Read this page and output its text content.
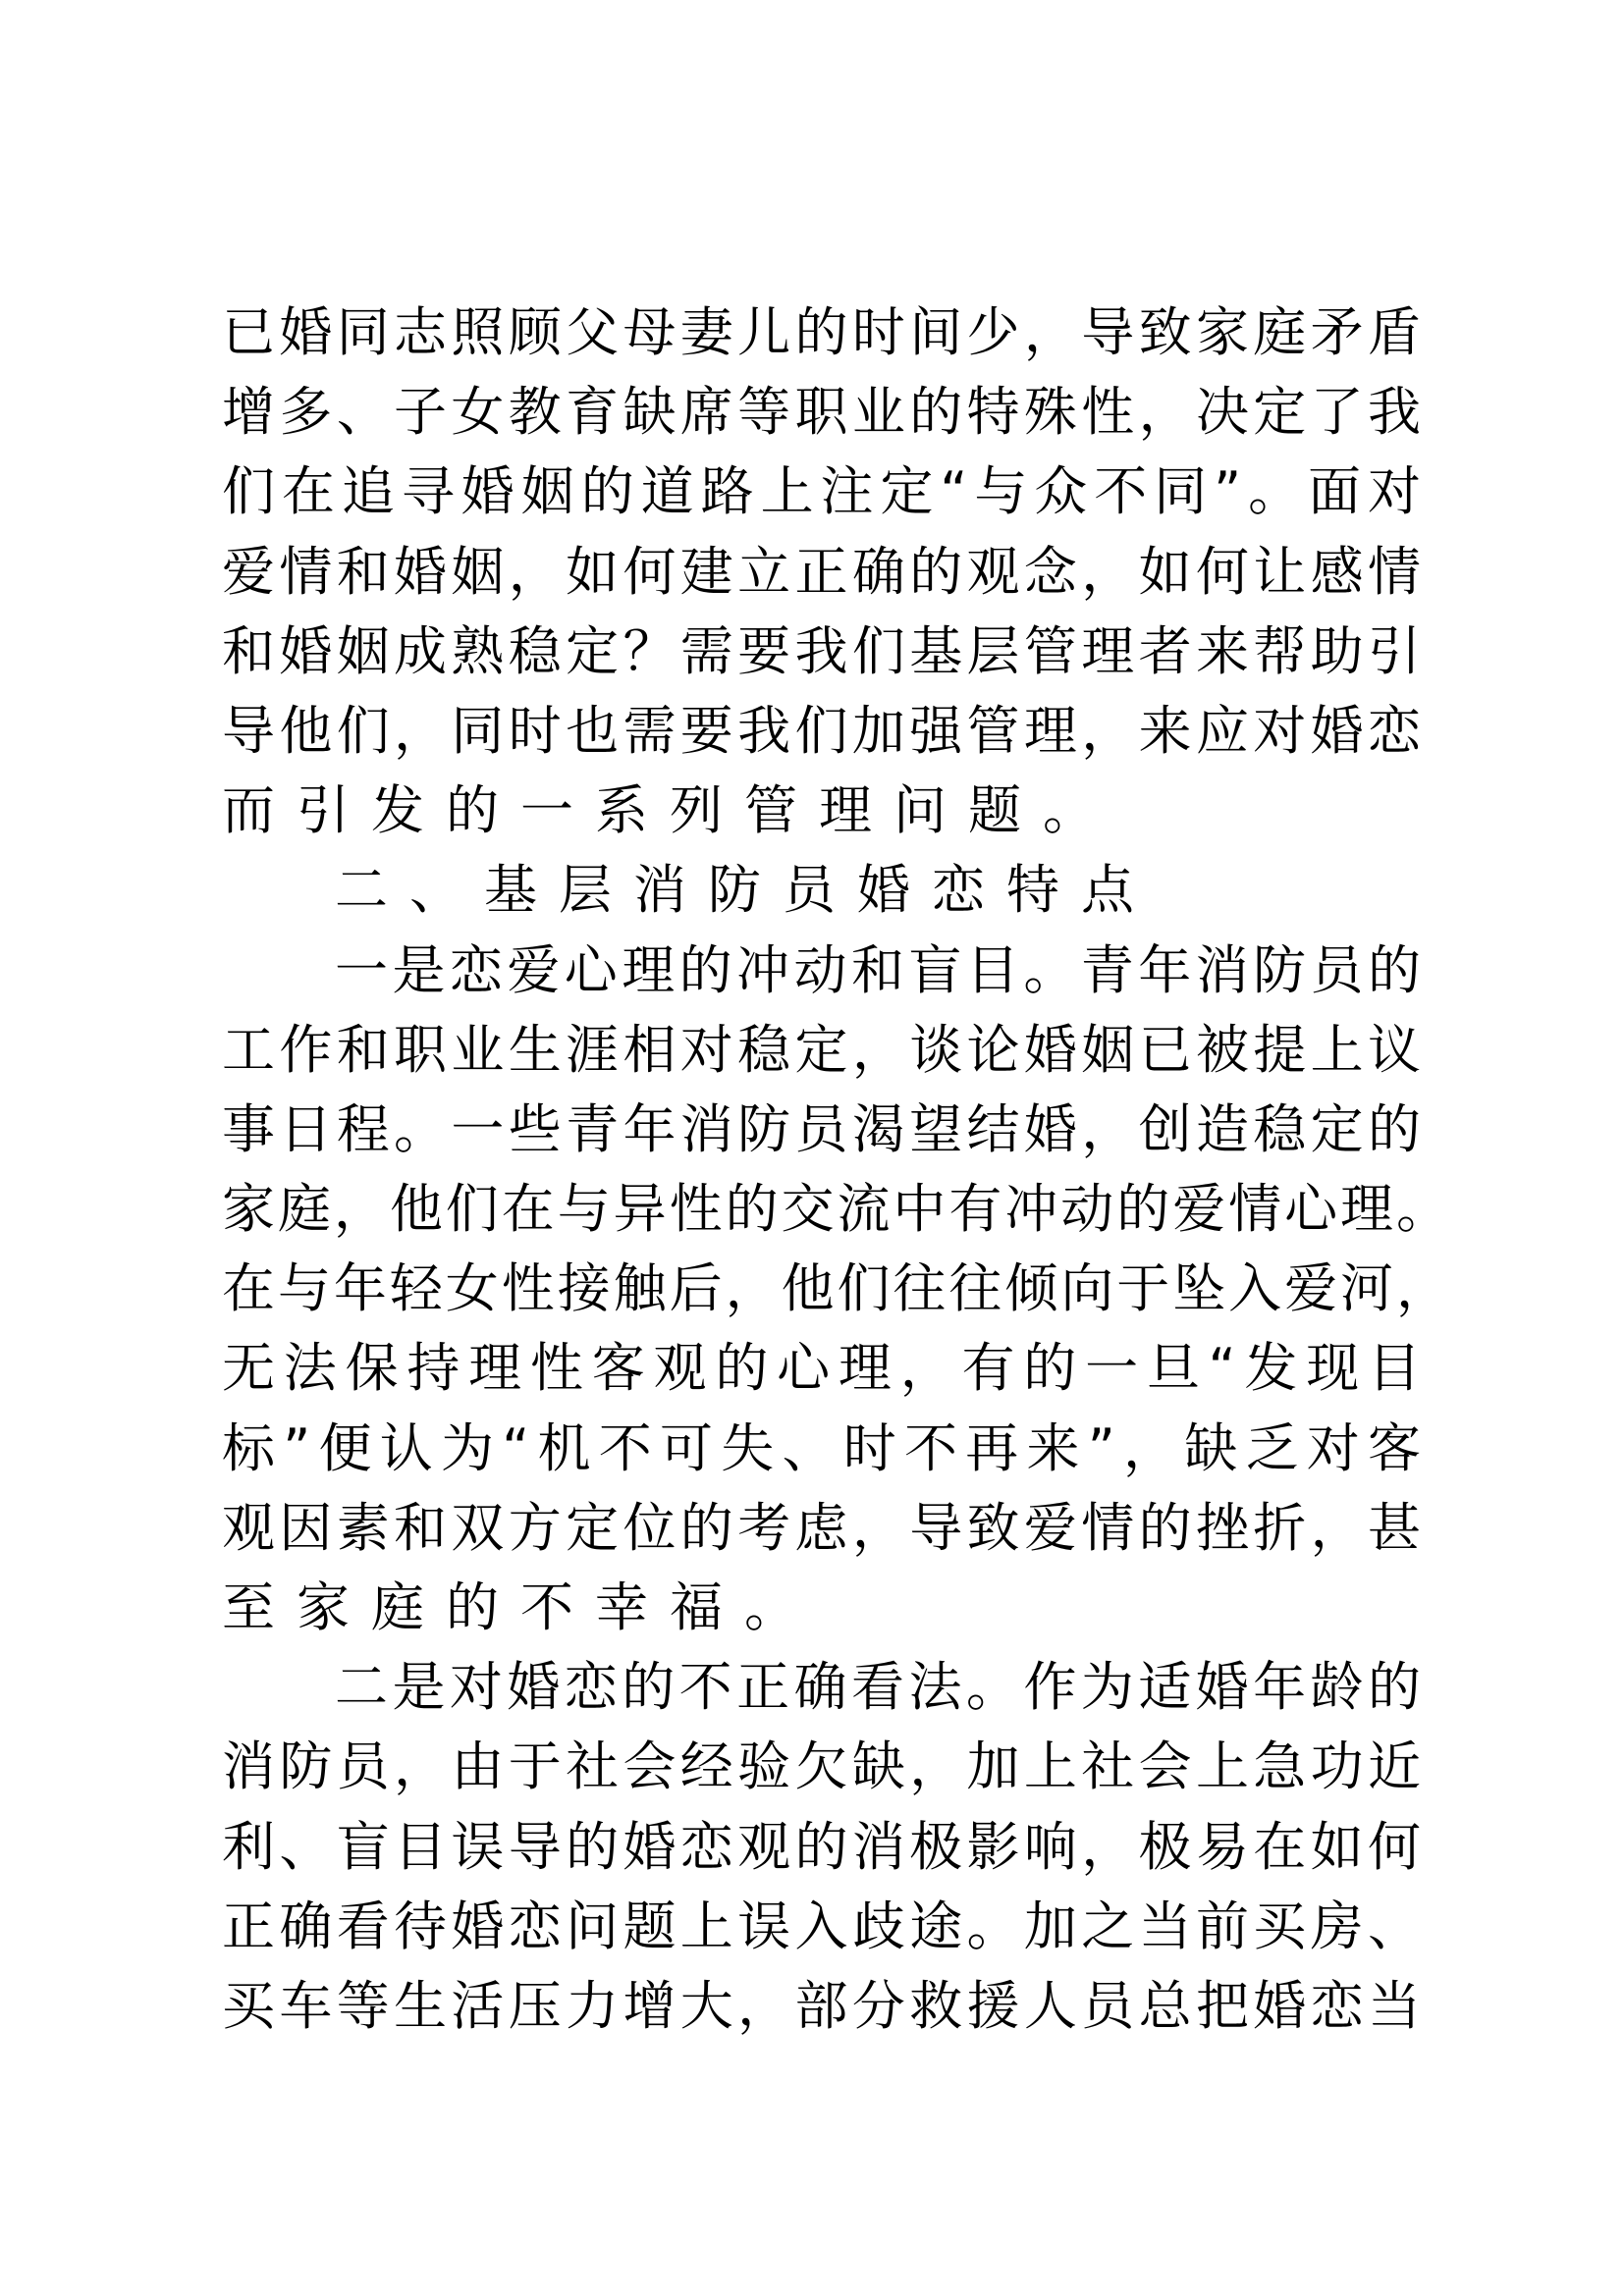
已婚同志照顾父母妻儿的时间少，导致家庭矛盾
增多、子女教育缺席等职业的特殊性，决定了我
们在追寻婚姻的道路上注定“与众不同”。面对
爱情和婚姻，如何建立正确的观念，如何让感情
和婚姻成熟稳定？需要我们基层管理者来帮助引
导他们，同时也需要我们加强管理，来应对婚恋
而引发的一系列管理问题。
二、基层消防员婚恋特点
一是恋爱心理的冲动和盲目。青年消防员的
工作和职业生涯相对稳定，谈论婚姻已被提上议
事日程。一些青年消防员渴望结婚，创造稳定的
家庭，他们在与异性的交流中有冲动的爱情心理。
在与年轻女性接触后，他们往往倾向于坠入爱河，
无法保持理性客观的心理，有的一旦“发现目
标”便认为“机不可失、时不再来”，缺乏对客
观因素和双方定位的考虑，导致爱情的挫折，甚
至家庭的不幸福。
二是对婚恋的不正确看法。作为适婚年龄的
消防员，由于社会经验欠缺，加上社会上急功近
利、盲目误导的婚恋观的消极影响，极易在如何
正确看待婚恋问题上误入歧途。加之当前买房、
买车等生活压力增大，部分救援人员总把婚恋当
